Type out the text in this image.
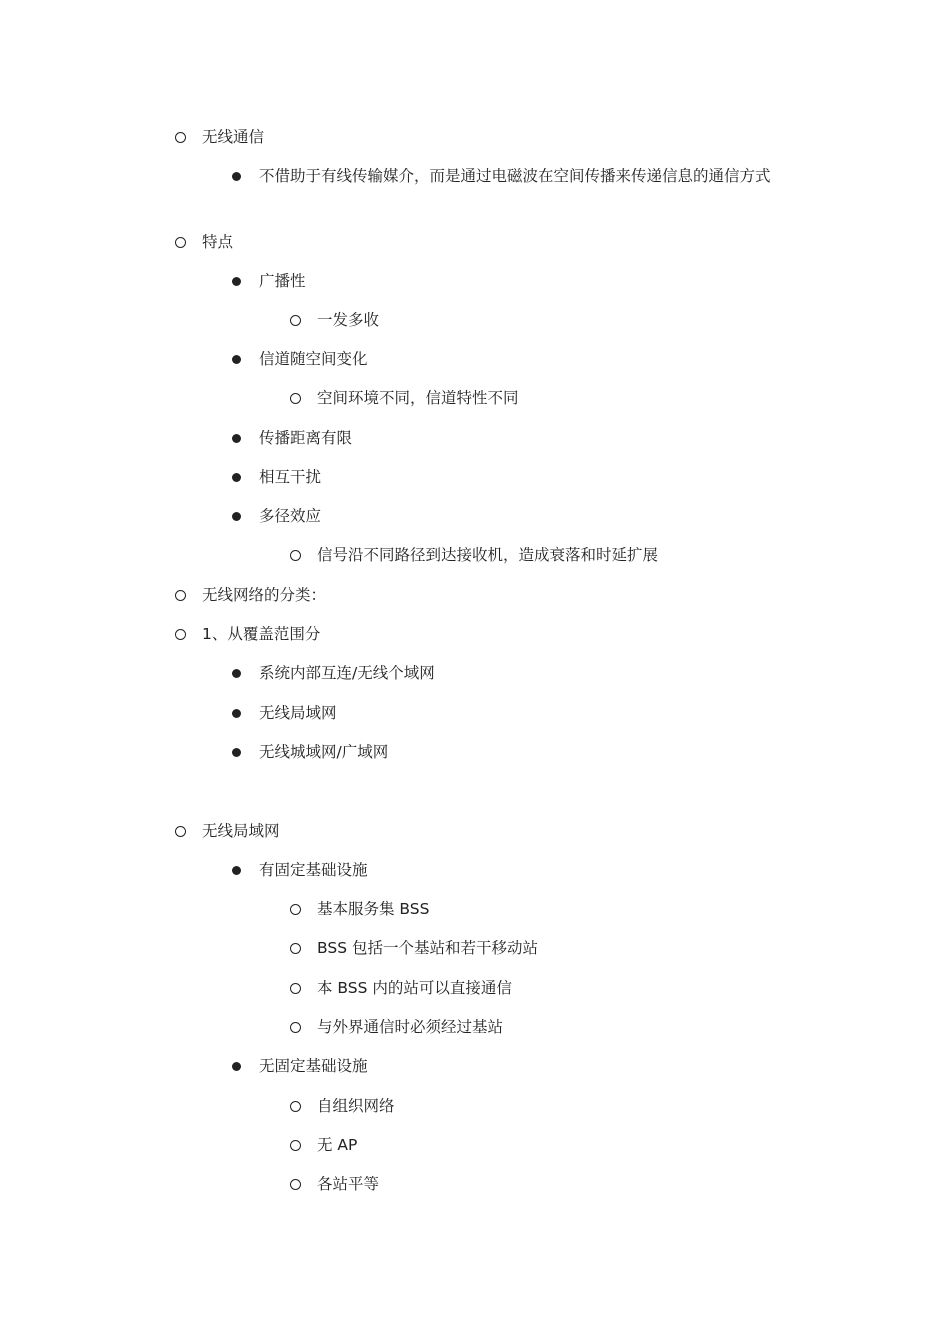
无线通信
不借助于有线传输媒介，而是通过电磁波在空间传播来传递信息的通信方式
特点
广播性
一发多收
信道随空间变化
空间环境不同，信道特性不同
传播距离有限
相互干扰
多径效应
信号沿不同路径到达接收机，造成衰落和时延扩展
无线网络的分类：
1、从覆盖范围分
系统内部互连/无线个域网
无线局域网
无线城域网/广域网
无线局域网
有固定基础设施
基本服务集 BSS
BSS 包括一个基站和若干移动站
本 BSS 内的站可以直接通信
与外界通信时必须经过基站
无固定基础设施
自组织网络
无 AP
各站平等
